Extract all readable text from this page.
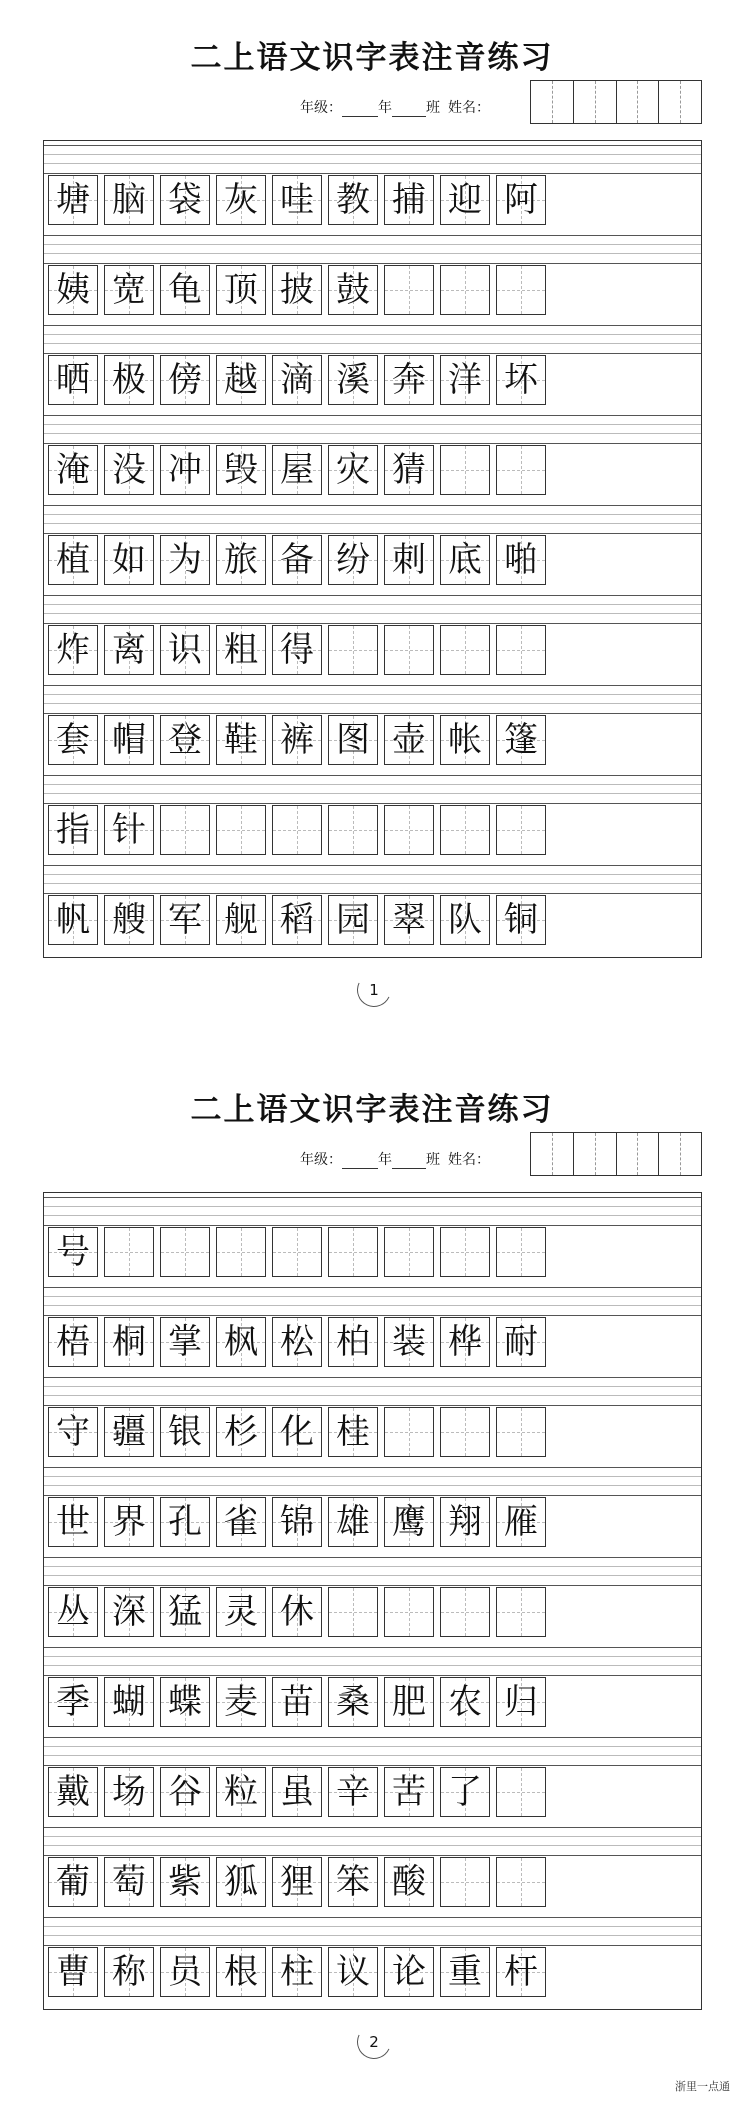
二上语文识字表注音练习
年级：	年 班 姓名：
塘 脑 袋 灰 哇 教 捕 迎 阿
姨 宽 龟 顶 披 鼓
晒 极 傍 越 滴 溪 奔 洋 坏
淹 没 冲 毁 屋 灾 猜
植 如 为 旅 备 纷 刺 底 啪
炸 离 识 粗 得
套 帽 登 鞋 裤 图 壶 帐 篷
指 针
帆 艘 军 舰 稻 园 翠 队 铜
1
二上语文识字表注音练习
年级：	年 班 姓名：
号
梧 桐 掌 枫 松 柏 装 桦 耐
守 疆 银 杉 化 桂
世 界 孔 雀 锦 雄 鹰 翔 雁
丛 深 猛 灵 休
季 蝴 蝶 麦 苗 桑 肥 农 归
戴 场 谷 粒 虽 辛 苦 了
葡 萄 紫 狐 狸 笨 酸
曹 称 员 根 柱 议 论 重 杆
2
浙里一点通
